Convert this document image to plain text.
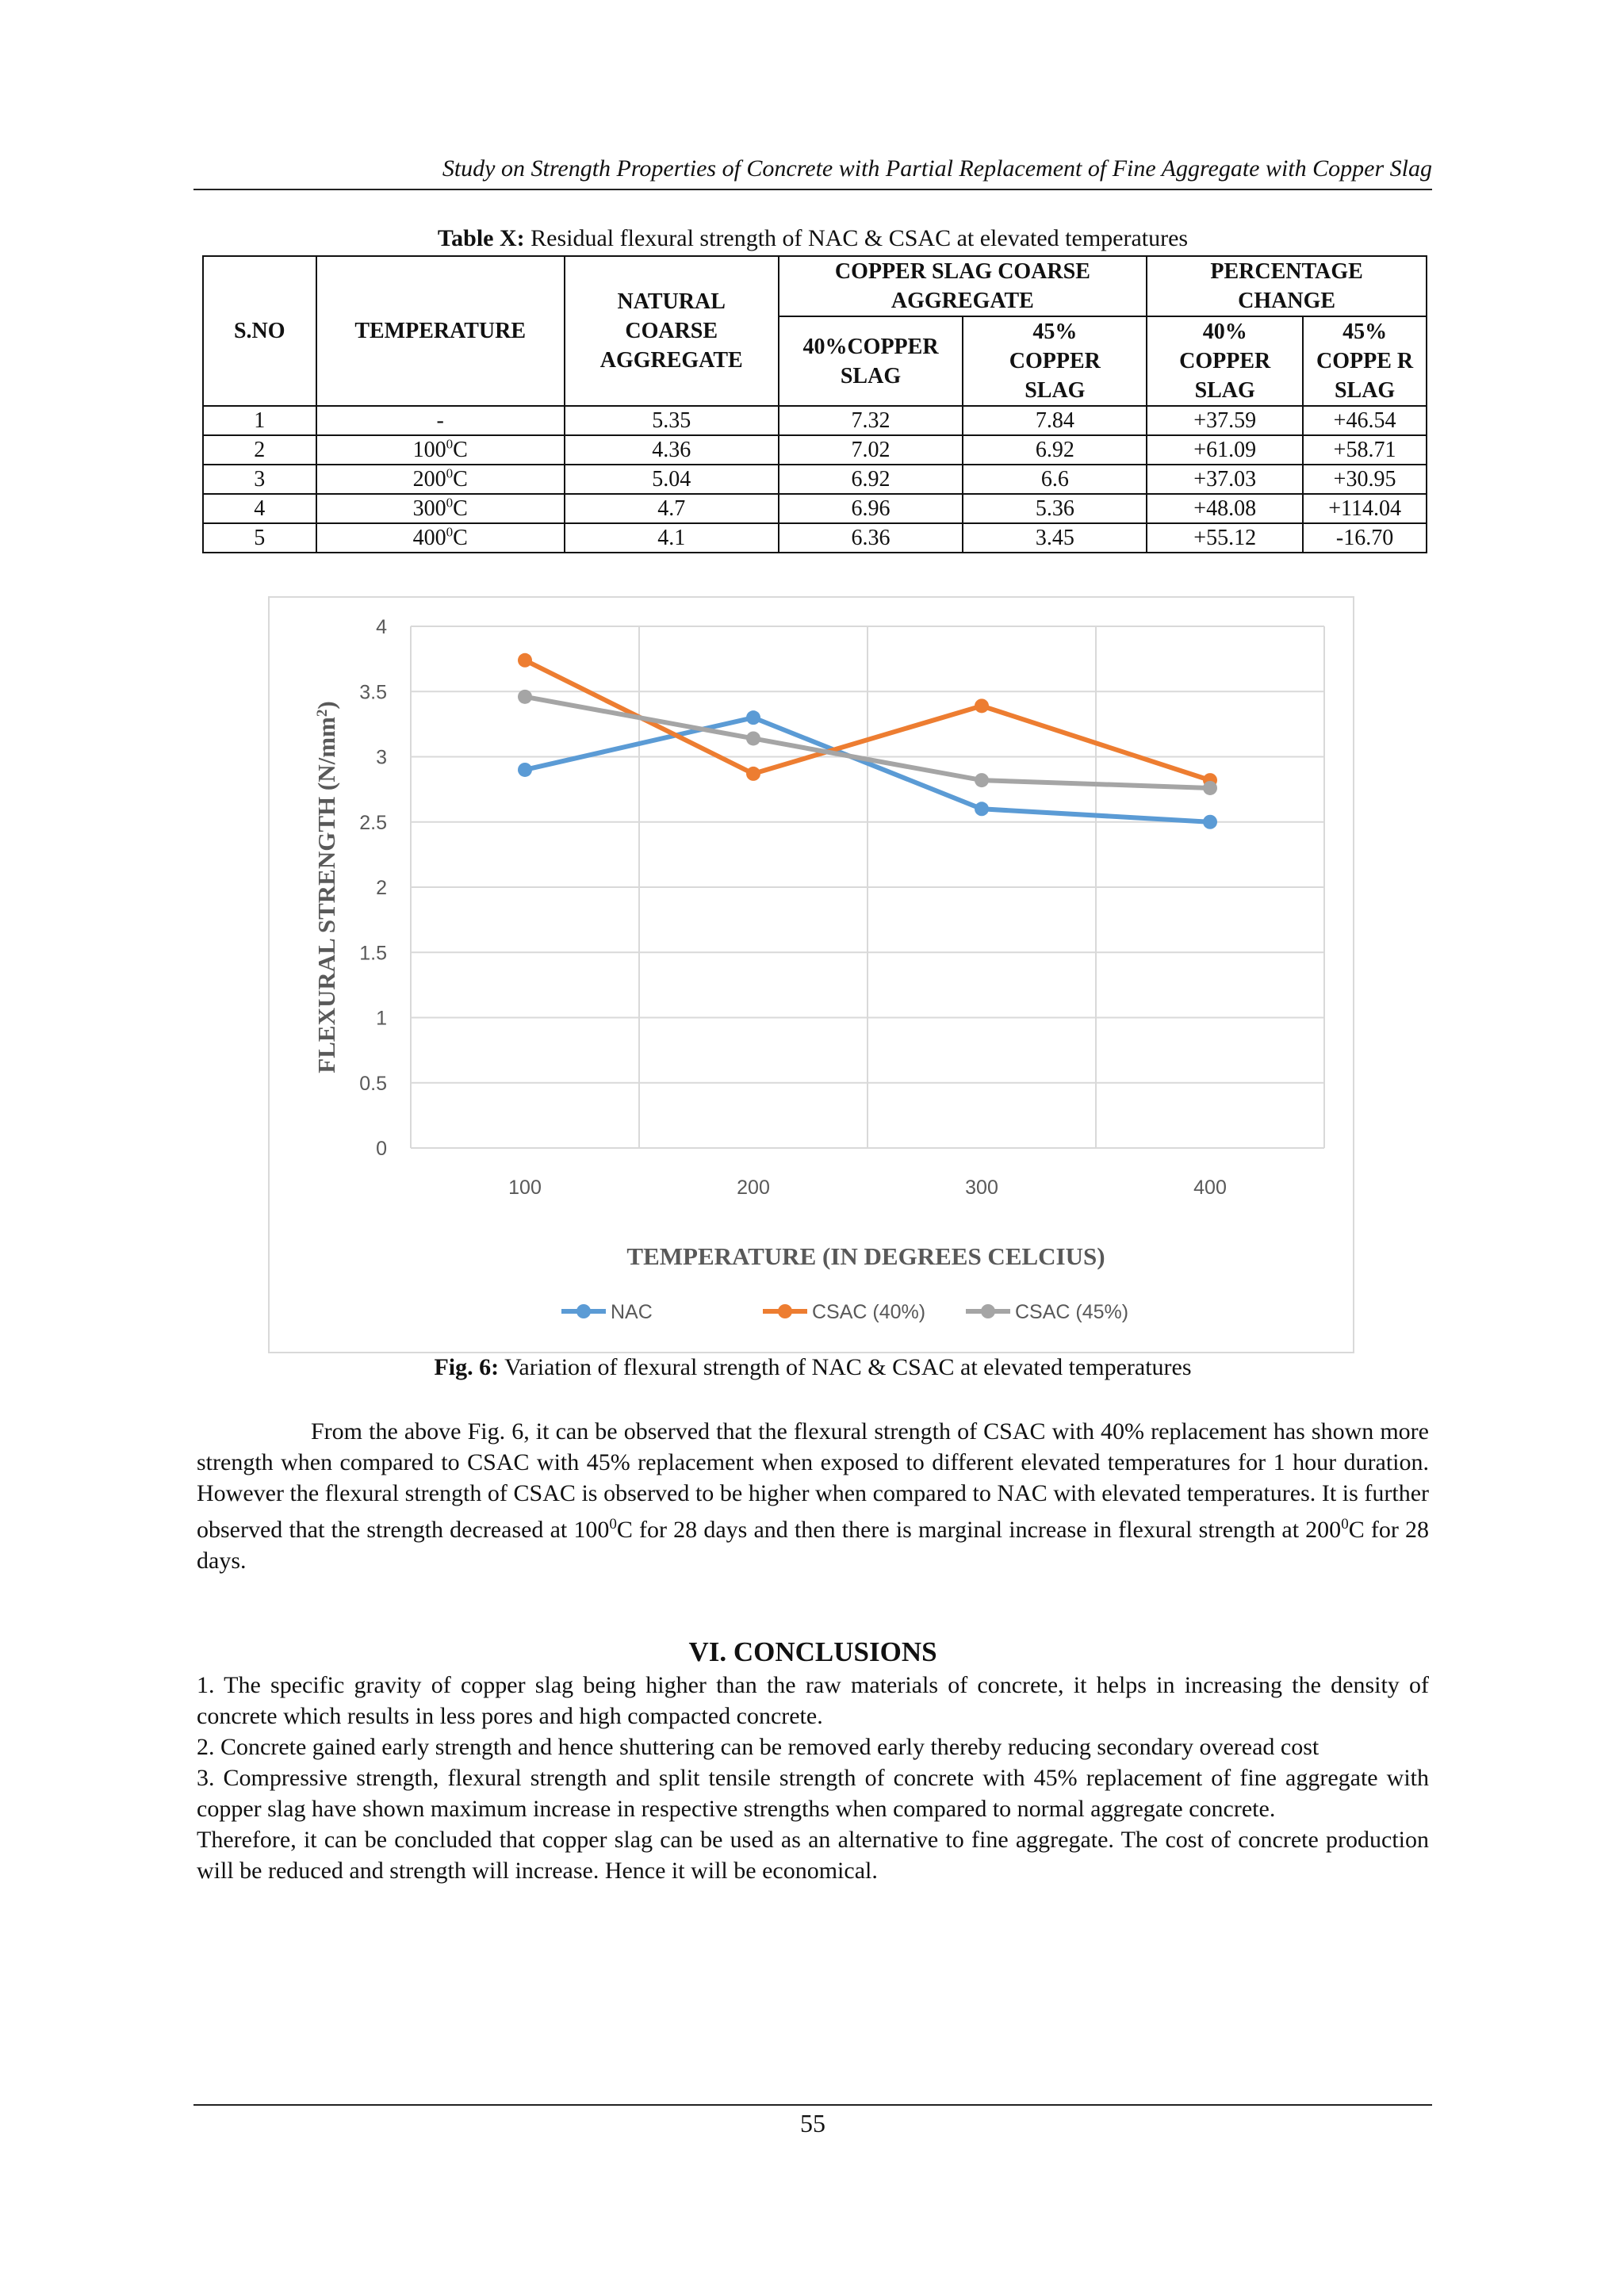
Study on Strength Properties of Concrete with Partial Replacement of Fine Aggregate with Copper Slag
Table X: Residual flexural strength of NAC & CSAC at elevated temperatures
S.NO	TEMPERATURE	NATURAL COARSE AGGREGATE	COPPER SLAG COARSE AGGREGATE		PERCENTAGE CHANGE	
			40%COPPER SLAG	45% COPPER SLAG	40% COPPER SLAG	45% COPPE R SLAG
1	-	5.35	7.32	7.84	+37.59	+46.54
2	$100^0C$	4.36	7.02	6.92	+61.09	+58.71
3	$200^0C$	5.04	6.92	6.6	+37.03	+30.95
4	$300^0C$	4.7	6.96	5.36	+48.08	+114.04
5	$400^0C$	4.1	6.36	3.45	+55.12	-16.70
0
0.5
1
1.5
2
2.5
3
3.5
4
100	200	300	400
FLEXURAL STRENGTH $(N/mm^2)$
TEMPERATURE (IN DEGREES CELCIUS)
NAC	CSAC (40%)	CSAC (45%)
Fig. 6: Variation of flexural strength of NAC & CSAC at elevated temperatures
From the above Fig. 6, it can be observed that the flexural strength of CSAC with 40% replacement has shown more strength when compared to CSAC with 45% replacement when exposed to different elevated temperatures for 1 hour duration. However the flexural strength of CSAC is observed to be higher when compared to NAC with elevated temperatures. It is further observed that the strength decreased at $100^0C$ for 28 days and then there is marginal increase in flexural strength at $200^0C$ for 28 days.
VI. CONCLUSIONS

1. The specific gravity of copper slag being higher than the raw materials of concrete, it helps in increasing the density of concrete which results in less pores and high compacted concrete.

2. Concrete gained early strength and hence shuttering can be removed early thereby reducing secondary overead cost

3. Compressive strength, flexural strength and split tensile strength of concrete with 45% replacement of fine aggregate with copper slag have shown maximum increase in respective strengths when compared to normal aggregate concrete.

Therefore, it can be concluded that copper slag can be used as an alternative to fine aggregate. The cost of concrete production will be reduced and strength will increase. Hence it will be economical.

55
